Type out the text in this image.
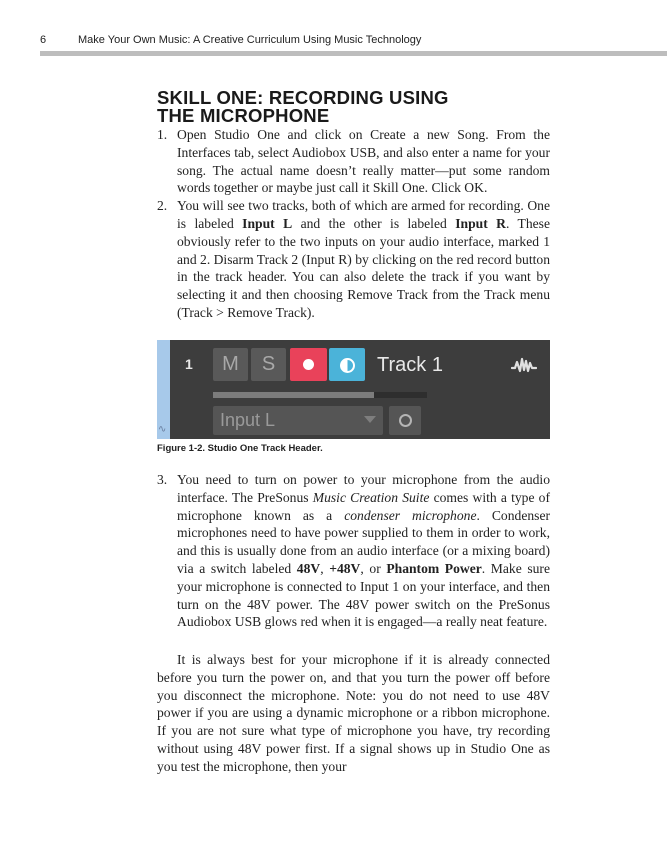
6	Make Your Own Music: A Creative Curriculum Using Music Technology
SKILL ONE: RECORDING USING
THE MICROPHONE
1. Open Studio One and click on Create a new Song. From the Interfaces tab, select Audiobox USB, and also enter a name for your song. The actual name doesn’t really matter—put some random words together or maybe just call it Skill One. Click OK.
2. You will see two tracks, both of which are armed for recording. One is labeled Input L and the other is labeled Input R. These obviously refer to the two inputs on your audio interface, marked 1 and 2. Disarm Track 2 (Input R) by clicking on the red record button in the track header. You can also delete the track if you want by selecting it and then choosing Remove Track from the Track menu (Track > Remove Track).
∿
1	M	S	Track 1
Input L
Figure 1-2. Studio One Track Header.
3. You need to turn on power to your microphone from the audio interface. The PreSonus Music Creation Suite comes with a type of microphone known as a condenser microphone. Condenser microphones need to have power supplied to them in order to work, and this is usually done from an audio interface (or a mixing board) via a switch labeled 48V, +48V, or Phantom Power. Make sure your microphone is connected to Input 1 on your interface, and then turn on the 48V power. The 48V power switch on the PreSonus Audiobox USB glows red when it is engaged—a really neat feature.

It is always best for your microphone if it is already connected before you turn the power on, and that you turn the power off before you disconnect the microphone. Note: you do not need to use 48V power if you are using a dynamic microphone or a ribbon microphone. If you are not sure what type of microphone you have, try recording without using 48V power first. If a signal shows up in Studio One as you test the microphone, then your
